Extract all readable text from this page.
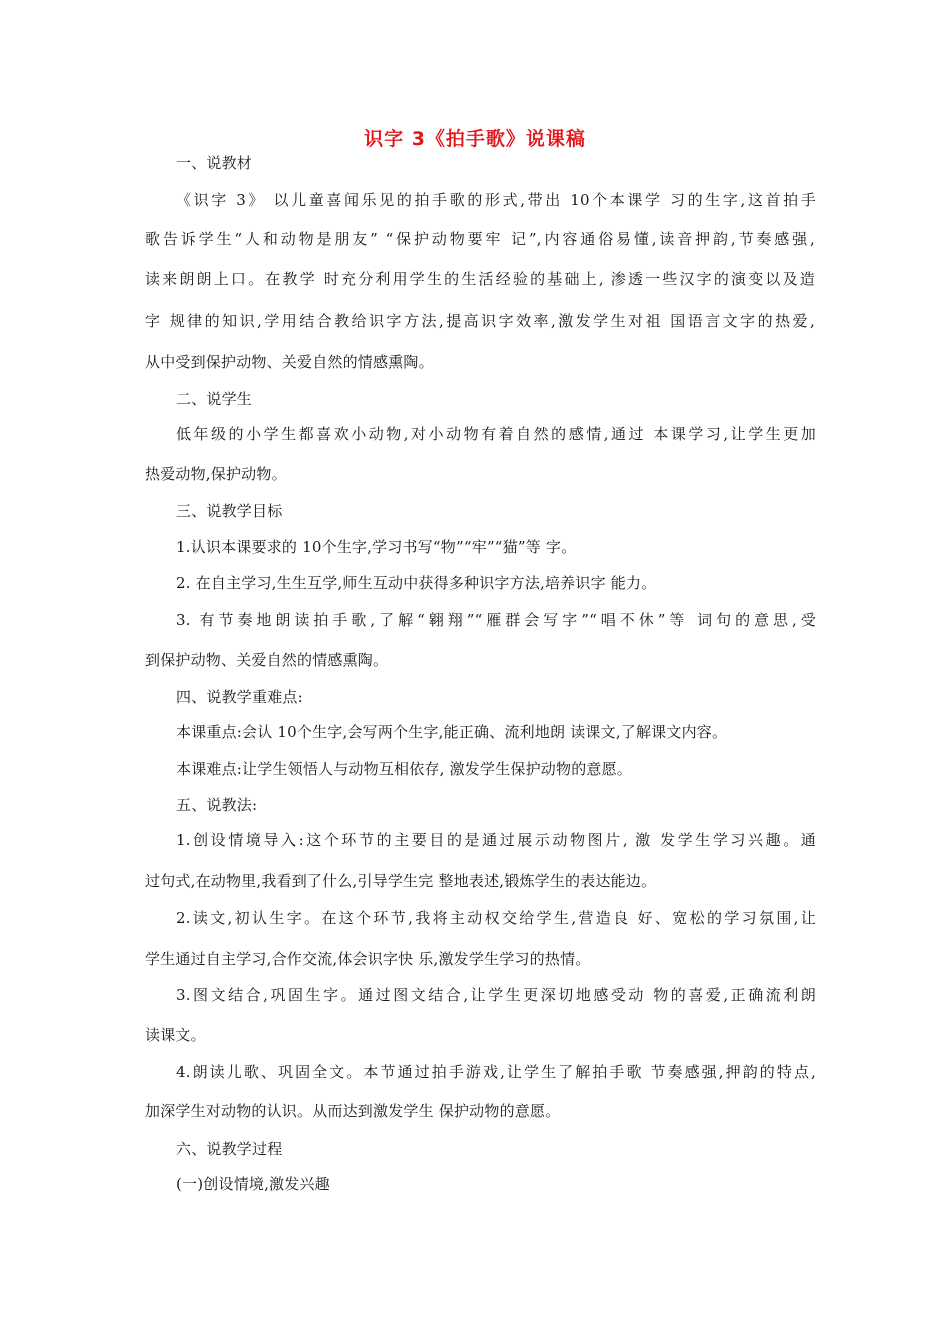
识字 3《拍手歌》说课稿
一、说教材
《识字 3》 以儿童喜闻乐见的拍手歌的形式,带出 10个本课学 习的生字,这首拍手
歌告诉学生“人和动物是朋友” “保护动物要牢 记”,内容通俗易懂,读音押韵,节奏感强,
读来朗朗上口。在教学 时充分利用学生的生活经验的基础上, 渗透一些汉字的演变以及造
字 规律的知识,学用结合教给识字方法,提高识字效率,激发学生对祖 国语言文字的热爱,
从中受到保护动物、关爱自然的情感熏陶。
二、说学生
低年级的小学生都喜欢小动物,对小动物有着自然的感情,通过 本课学习,让学生更加
热爱动物,保护动物。
三、说教学目标
1.认识本课要求的 10个生字,学习书写“物”“牢”“猫”等 字。
2. 在自主学习,生生互学,师生互动中获得多种识字方法,培养识字 能力。
3. 有节奏地朗读拍手歌,了解“翱翔”“雁群会写字”“唱不休”等 词句的意思,受
到保护动物、关爱自然的情感熏陶。
四、说教学重难点:
本课重点:会认 10个生字,会写两个生字,能正确、流利地朗 读课文,了解课文内容。
本课难点:让学生领悟人与动物互相依存, 激发学生保护动物的意愿。
五、说教法:
1.创设情境导入:这个环节的主要目的是通过展示动物图片, 激 发学生学习兴趣。通
过句式,在动物里,我看到了什么,引导学生完 整地表述,锻炼学生的表达能边。
2.读文,初认生字。在这个环节,我将主动权交给学生,营造良 好、宽松的学习氛围,让
学生通过自主学习,合作交流,体会识字快 乐,激发学生学习的热情。
3.图文结合,巩固生字。通过图文结合,让学生更深切地感受动 物的喜爱,正确流利朗
读课文。
4.朗读儿歌、巩固全文。本节通过拍手游戏,让学生了解拍手歌 节奏感强,押韵的特点,
加深学生对动物的认识。从而达到激发学生 保护动物的意愿。
六、说教学过程
(一)创设情境,激发兴趣
